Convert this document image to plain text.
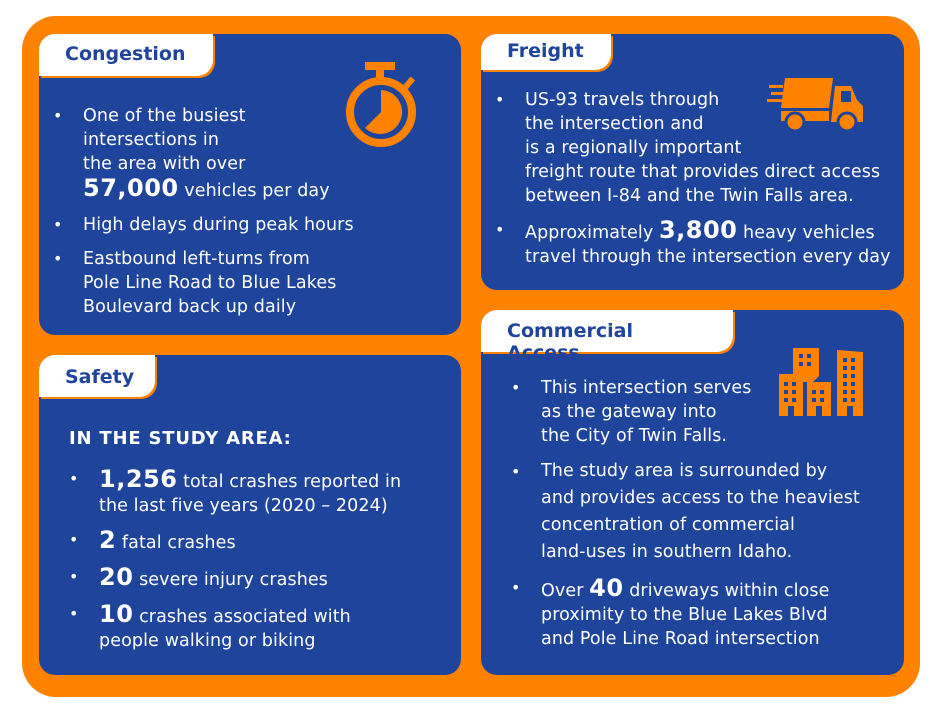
Congestion
• One of the busiest
intersections in
the area with over
57,000 vehicles per day
• High delays during peak hours
• Eastbound left-turns from
Pole Line Road to Blue Lakes
Boulevard back up daily
Freight
• US-93 travels through
the intersection and
is a regionally important
freight route that provides direct access
between I-84 and the Twin Falls area.
• Approximately 3,800 heavy vehicles
travel through the intersection every day
Safety
IN THE STUDY AREA:
• 1,256 total crashes reported in
the last five years (2020 – 2024)
• 2 fatal crashes
• 20 severe injury crashes
• 10 crashes associated with
people walking or biking
Commercial Access
• This intersection serves
as the gateway into
the City of Twin Falls.
• The study area is surrounded by
and provides access to the heaviest
concentration of commercial
land-uses in southern Idaho.
• Over 40 driveways within close
proximity to the Blue Lakes Blvd
and Pole Line Road intersection
